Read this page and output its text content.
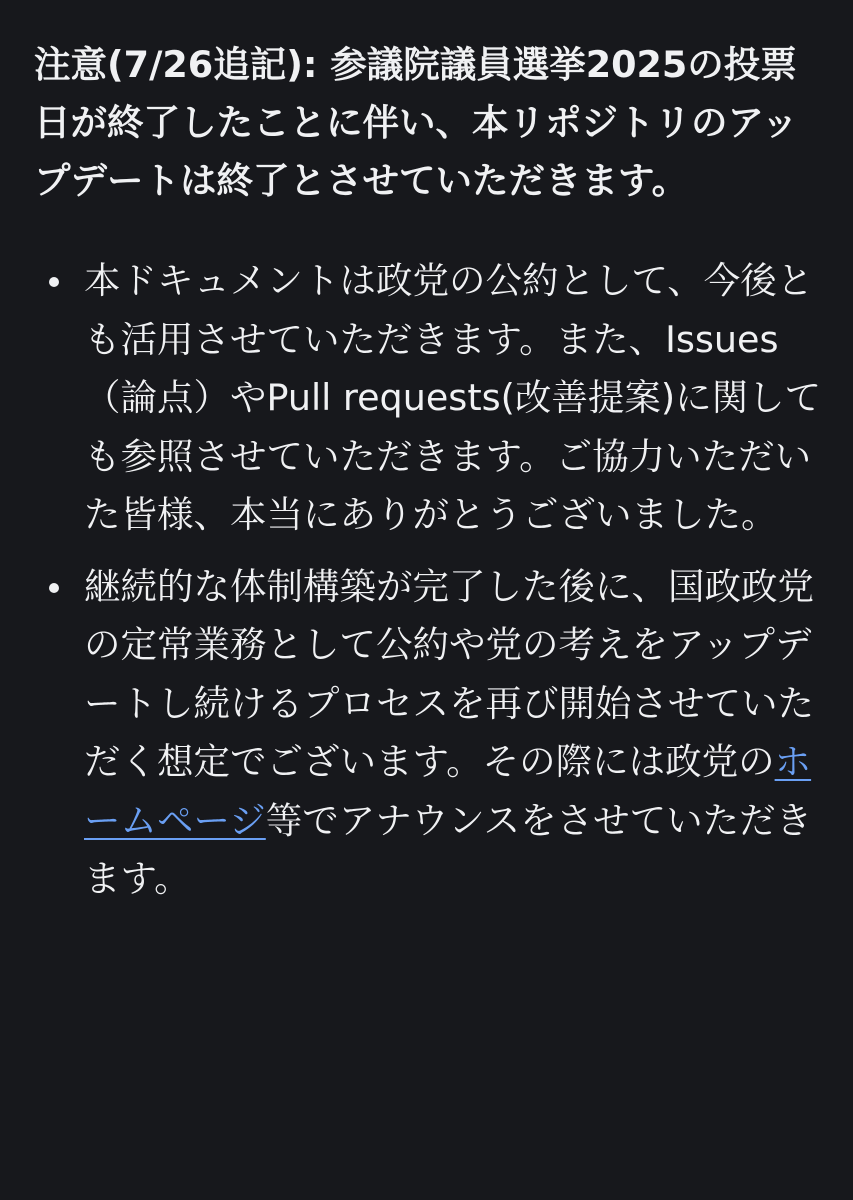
注意(7/26追記): 参議院議員選挙2025の投票日が終了したことに伴い、本リポジトリのアップデートは終了とさせていただきます。

本ドキュメントは政党の公約として、今後とも活用させていただきます。また、Issues（論点）やPull requests(改善提案)に関しても参照させていただきます。ご協力いただいた皆様、本当にありがとうございました。
継続的な体制構築が完了した後に、国政政党の定常業務として公約や党の考えをアップデートし続けるプロセスを再び開始させていただく想定でございます。その際には政党のホームページ等でアナウンスをさせていただきます。
